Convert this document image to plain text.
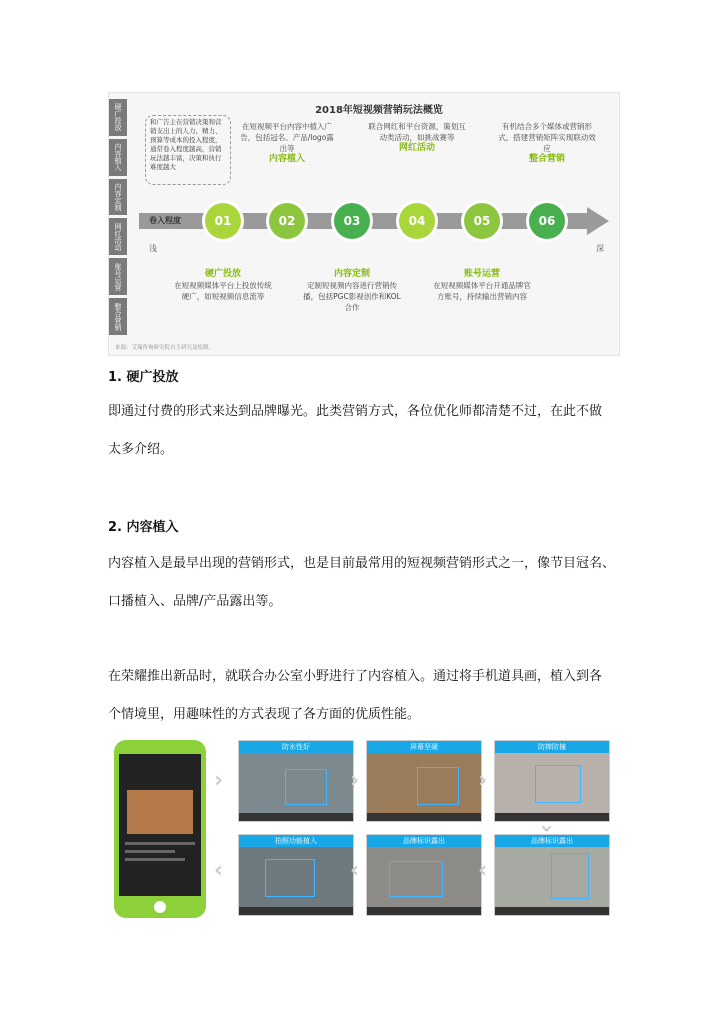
硬广投放
内容植入
内容定制
网红活动
账号运营
整合营销
2018年短视频营销玩法概览
和广告主在营销决策和营销支出上的人力、精力、预算等成本的投入程度，通常卷入程度越高，营销玩法越丰富，决策和执行难度越大
卷入程度
浅	深
01
硬广投放
在短视频媒体平台上投放传统硬广，如短视频信息流等
02
在短视频平台内容中植入广告，包括冠名、产品/logo露出等
内容植入
03
内容定制
定制短视频内容进行营销传播，包括PGC影视创作和KOL合作
04
联合网红和平台资源，策划互动类活动，如挑战赛等
网红活动
05
账号运营
在短视频媒体平台开通品牌官方账号，持续输出营销内容
06
有机结合多个媒体或营销形式，搭建营销矩阵实现联动效应
整合营销
来源：艾瑞咨询研究院自主研究及绘制。
1. 硬广投放
即通过付费的形式来达到品牌曝光。此类营销方式，各位优化师都清楚不过，在此不做
太多介绍。
2. 内容植入
内容植入是最早出现的营销形式，也是目前最常用的短视频营销形式之一，像节目冠名、
口播植入、品牌/产品露出等。
在荣耀推出新品时，就联合办公室小野进行了内容植入。通过将手机道具画，植入到各
个情境里，用趣味性的方式表现了各方面的优质性能。
›
‹
防水性好
›
屏幕坚硬
›
防摔防撞
›
拍照功能植入
‹
品牌标识露出
‹
品牌标识露出
